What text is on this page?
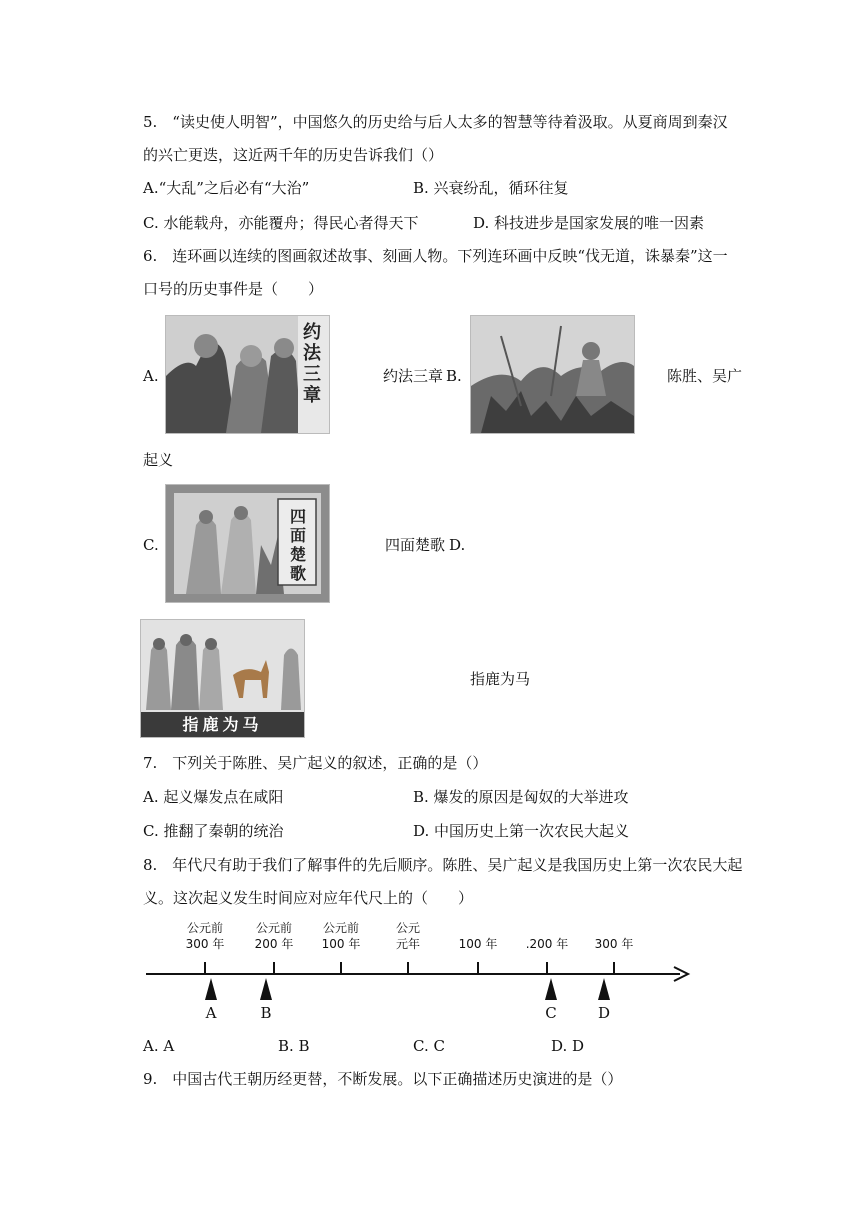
5.　“读史使人明智”，中国悠久的历史给与后人太多的智慧等待着汲取。从夏商周到秦汉
的兴亡更迭，这近两千年的历史告诉我们（）
A.“大乱”之后必有“大治”	B. 兴衰纷乱，循环往复
C. 水能载舟，亦能覆舟；得民心者得天下	D. 科技进步是国家发展的唯一因素
6.　连环画以连续的图画叙述故事、刻画人物。下列连环画中反映“伐无道，诛暴秦”这一
口号的历史事件是（　　）
A.
约法三章
约法三章 B.	陈胜、吴广
起义
C.
四面楚歌
四面楚歌 D.
指鹿为马
指鹿为马
7.　下列关于陈胜、吴广起义的叙述，正确的是（）
A. 起义爆发点在咸阳	B. 爆发的原因是匈奴的大举进攻
C. 推翻了秦朝的统治	D. 中国历史上第一次农民大起义
8.　年代尺有助于我们了解事件的先后顺序。陈胜、吴广起义是我国历史上第一次农民大起
义。这次起义发生时间应对应年代尺上的（　　）
公元前
300 年
公元前
200 年
公元前
100 年
公元
元年	100 年	.200 年	300 年
A	B	C	D
A. A	B. B	C. C	D. D
9.　中国古代王朝历经更替，不断发展。以下正确描述历史演进的是（）
